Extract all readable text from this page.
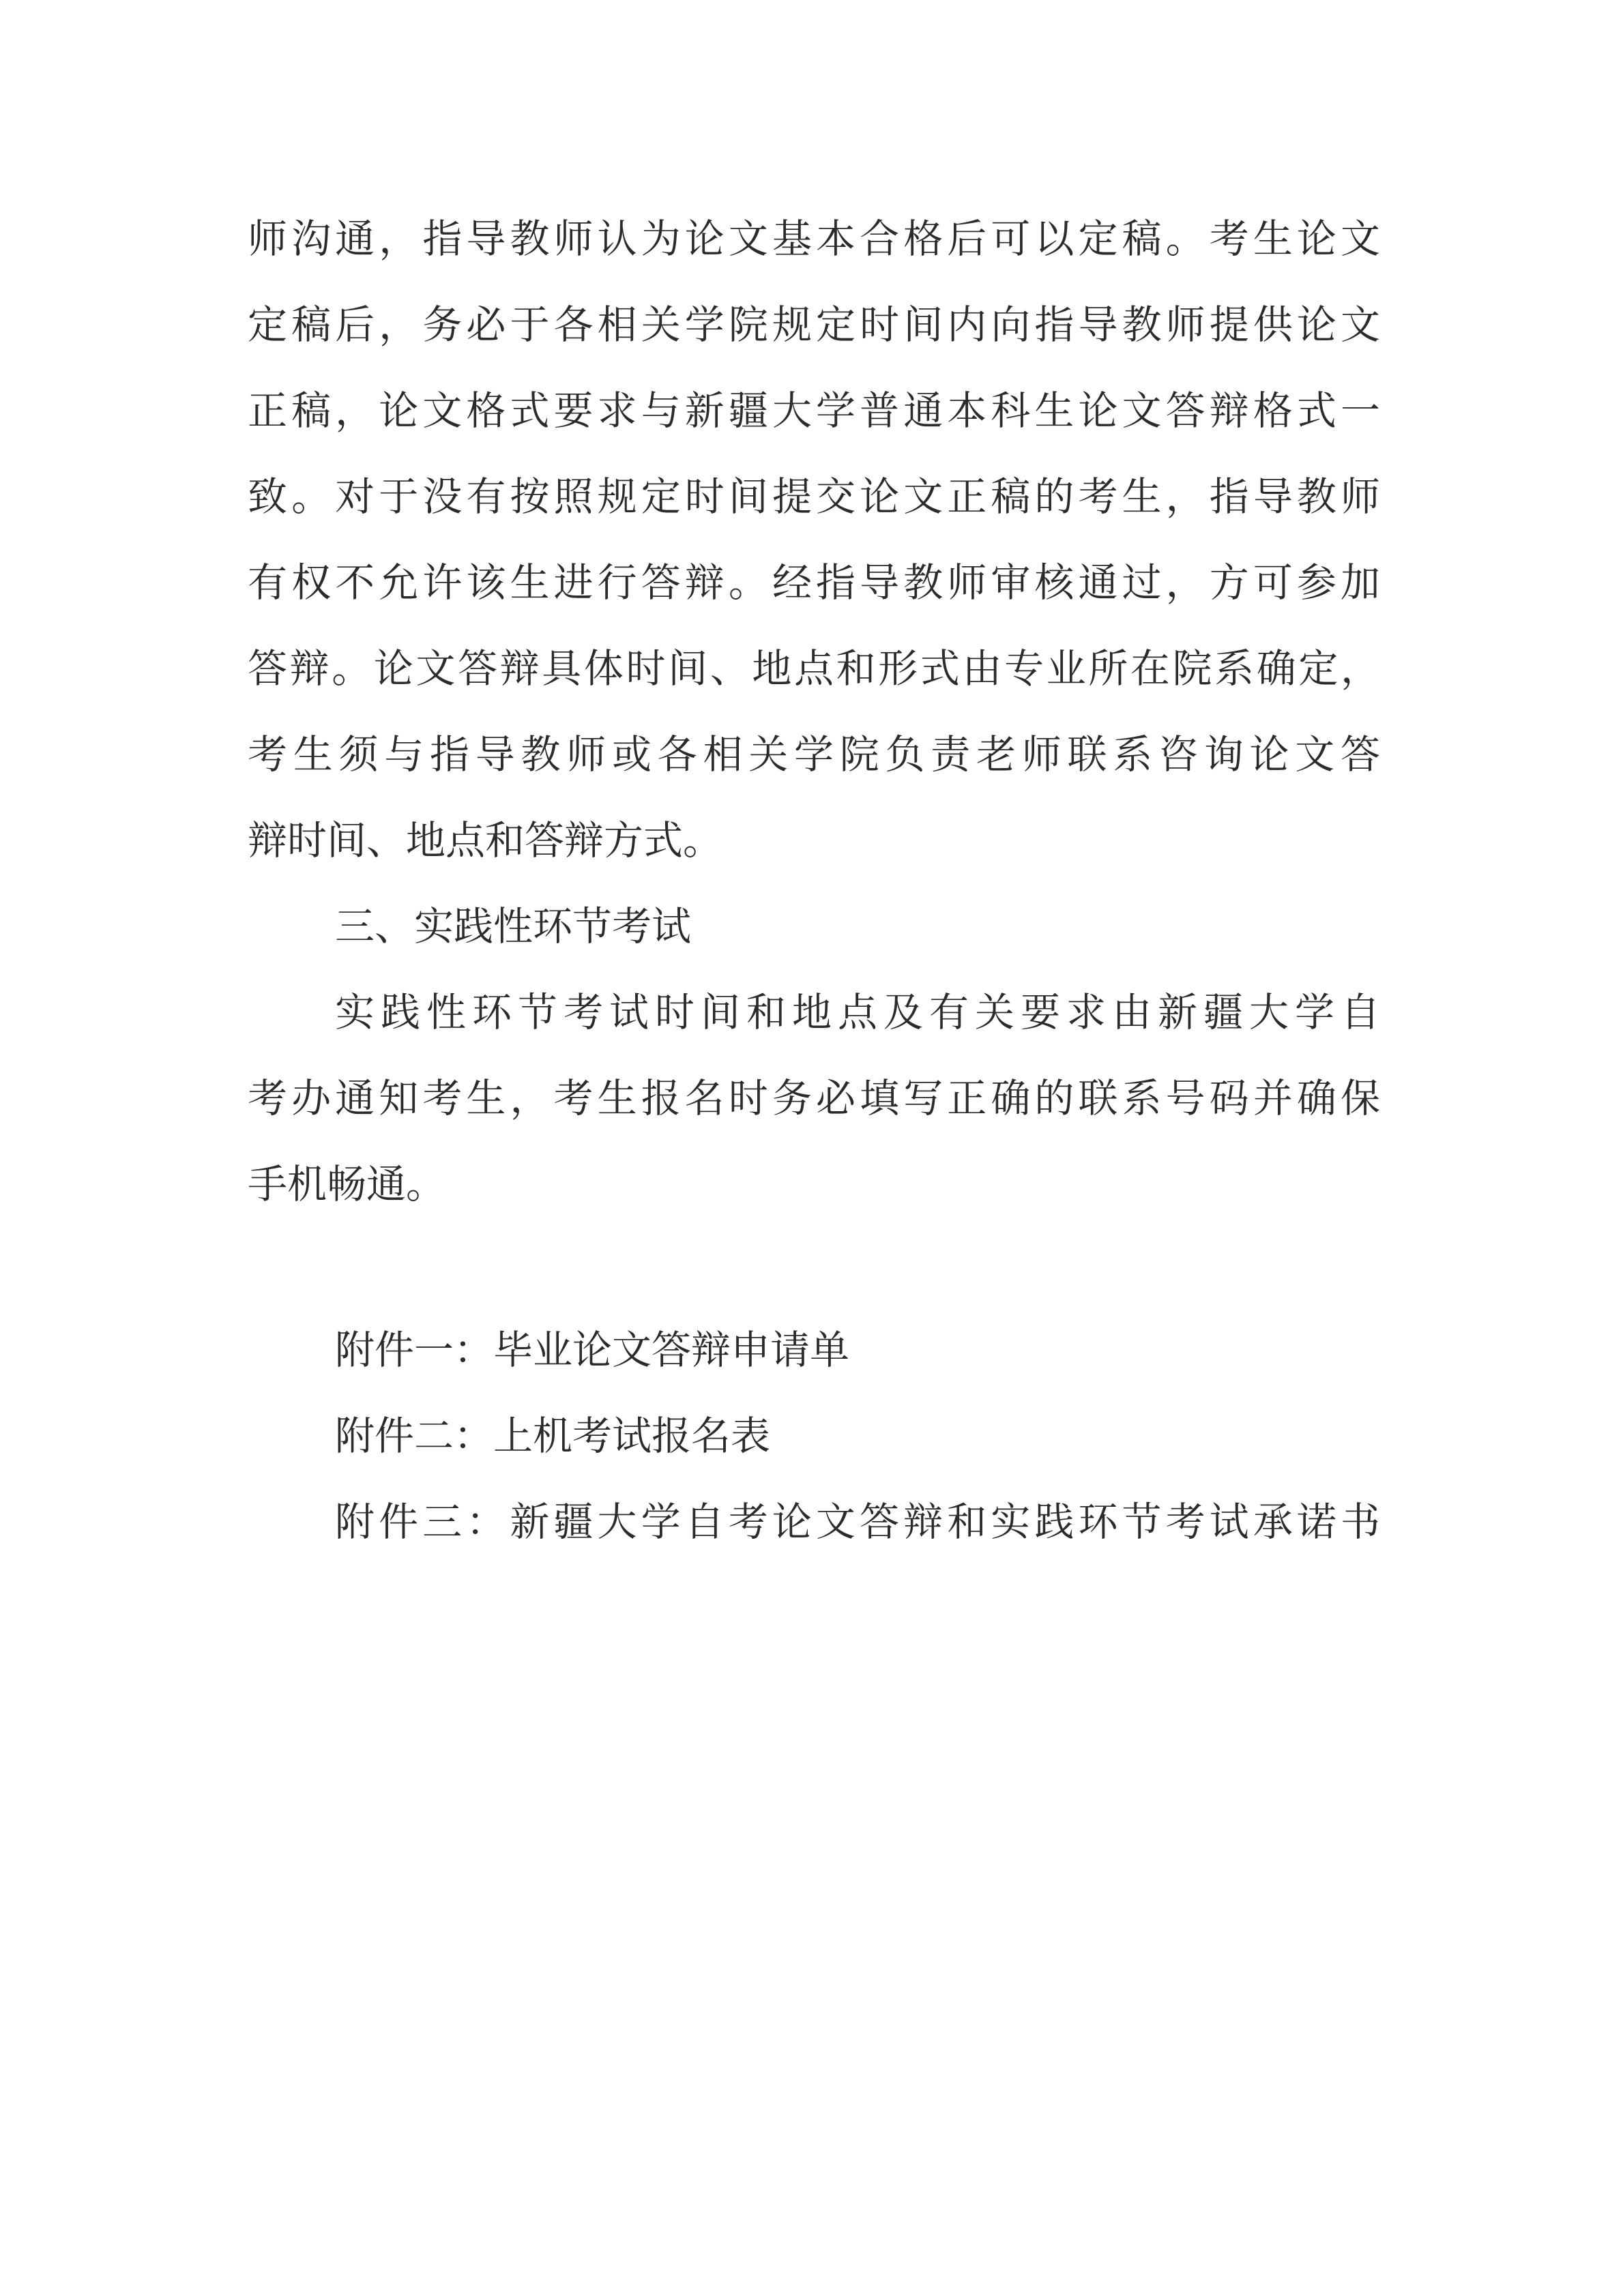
师沟通，指导教师认为论文基本合格后可以定稿。考生论文
定稿后，务必于各相关学院规定时间内向指导教师提供论文
正稿，论文格式要求与新疆大学普通本科生论文答辩格式一
致。对于没有按照规定时间提交论文正稿的考生，指导教师
有权不允许该生进行答辩。经指导教师审核通过，方可参加
答辩。论文答辩具体时间、地点和形式由专业所在院系确定，
考生须与指导教师或各相关学院负责老师联系咨询论文答
辩时间、地点和答辩方式。
三、实践性环节考试
实践性环节考试时间和地点及有关要求由新疆大学自
考办通知考生，考生报名时务必填写正确的联系号码并确保
手机畅通。
附件一：毕业论文答辩申请单
附件二：上机考试报名表
附件三：新疆大学自考论文答辩和实践环节考试承诺书
